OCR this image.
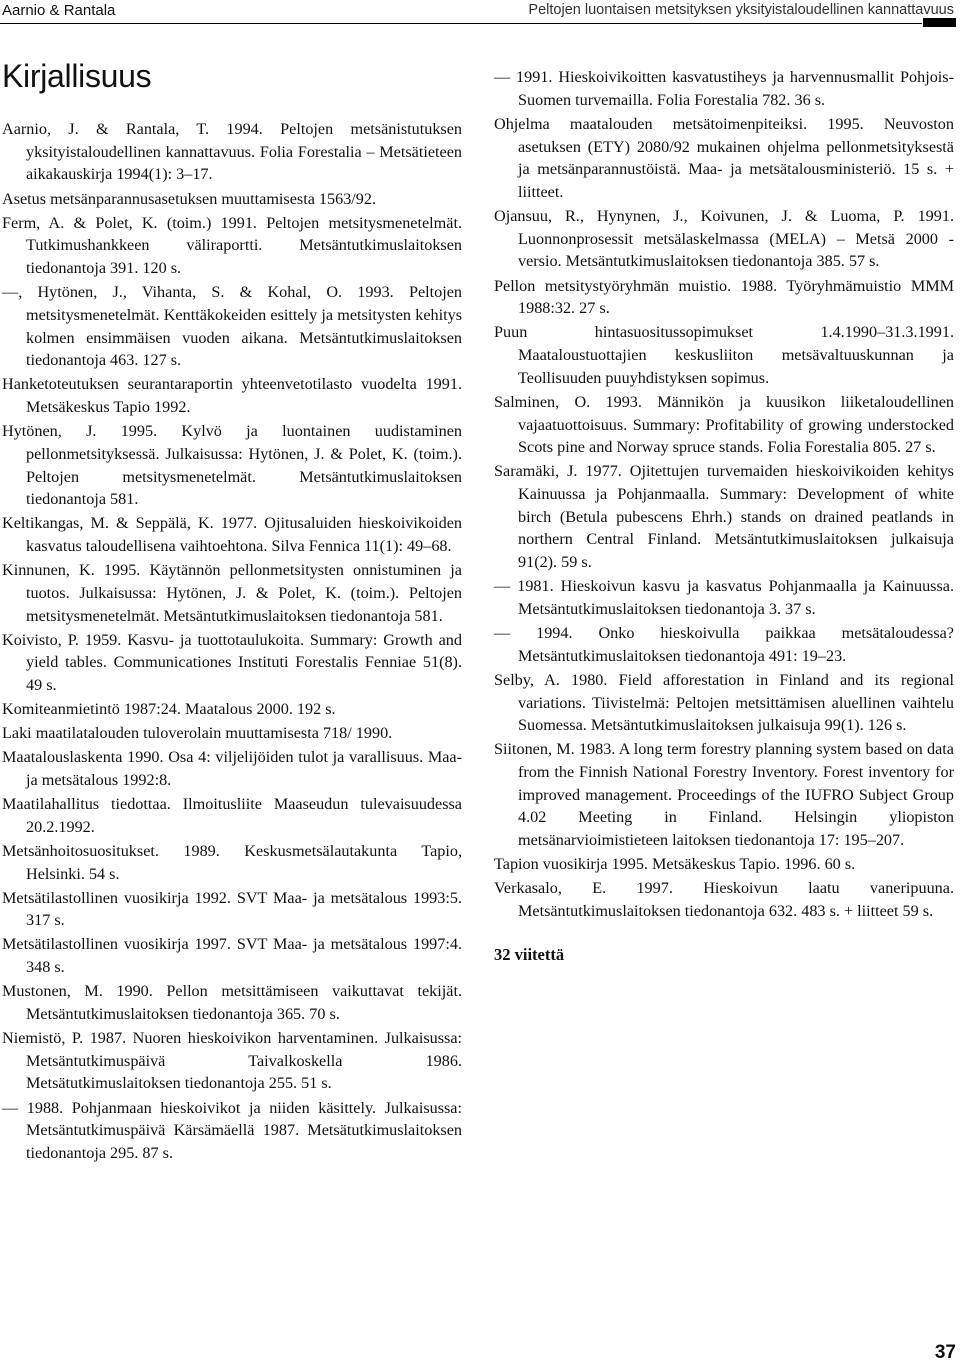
Aarnio & Rantala	Peltojen luontaisen metsityksen yksityistaloudellinen kannattavuus
Kirjallisuus

Aarnio, J. & Rantala, T. 1994. Peltojen metsänistutuksen yksityistaloudellinen kannattavuus. Folia Forestalia – Metsätieteen aikakauskirja 1994(1): 3–17.

Asetus metsänparannusasetuksen muuttamisesta 1563/92.

Ferm, A. & Polet, K. (toim.) 1991. Peltojen metsitysmenetelmät. Tutkimushankkeen väliraportti. Metsäntutkimuslaitoksen tiedonantoja 391. 120 s.

—, Hytönen, J., Vihanta, S. & Kohal, O. 1993. Peltojen metsitysmenetelmät. Kenttäkokeiden esittely ja metsitysten kehitys kolmen ensimmäisen vuoden aikana. Metsäntutkimuslaitoksen tiedonantoja 463. 127 s.

Hanketoteutuksen seurantaraportin yhteenvetotilasto vuodelta 1991. Metsäkeskus Tapio 1992.

Hytönen, J. 1995. Kylvö ja luontainen uudistaminen pellonmetsityksessä. Julkaisussa: Hytönen, J. & Polet, K. (toim.). Peltojen metsitysmenetelmät. Metsäntutkimuslaitoksen tiedonantoja 581.

Keltikangas, M. & Seppälä, K. 1977. Ojitusaluiden hieskoivikoiden kasvatus taloudellisena vaihtoehtona. Silva Fennica 11(1): 49–68.

Kinnunen, K. 1995. Käytännön pellonmetsitysten onnistuminen ja tuotos. Julkaisussa: Hytönen, J. & Polet, K. (toim.). Peltojen metsitysmenetelmät. Metsäntutkimuslaitoksen tiedonantoja 581.

Koivisto, P. 1959. Kasvu- ja tuottotaulukoita. Summary: Growth and yield tables. Communicationes Instituti Forestalis Fenniae 51(8). 49 s.

Komiteanmietintö 1987:24. Maatalous 2000. 192 s.

Laki maatilatalouden tuloverolain muuttamisesta 718/ 1990.

Maatalouslaskenta 1990. Osa 4: viljelijöiden tulot ja varallisuus. Maa- ja metsätalous 1992:8.

Maatilahallitus tiedottaa. Ilmoitusliite Maaseudun tulevaisuudessa 20.2.1992.

Metsänhoitosuositukset. 1989. Keskusmetsälautakunta Tapio, Helsinki. 54 s.

Metsätilastollinen vuosikirja 1992. SVT Maa- ja metsätalous 1993:5. 317 s.

Metsätilastollinen vuosikirja 1997. SVT Maa- ja metsätalous 1997:4. 348 s.

Mustonen, M. 1990. Pellon metsittämiseen vaikuttavat tekijät. Metsäntutkimuslaitoksen tiedonantoja 365. 70 s.

Niemistö, P. 1987. Nuoren hieskoivikon harventaminen. Julkaisussa: Metsäntutkimuspäivä Taivalkoskella 1986. Metsätutkimuslaitoksen tiedonantoja 255. 51 s.

— 1988. Pohjanmaan hieskoivikot ja niiden käsittely. Julkaisussa: Metsäntutkimuspäivä Kärsämäellä 1987. Metsätutkimuslaitoksen tiedonantoja 295. 87 s.

— 1991. Hieskoivikoitten kasvatustiheys ja harvennusmallit Pohjois-Suomen turvemailla. Folia Forestalia 782. 36 s.

Ohjelma maatalouden metsätoimenpiteiksi. 1995. Neuvoston asetuksen (ETY) 2080/92 mukainen ohjelma pellonmetsityksestä ja metsänparannustöistä. Maa- ja metsätalousministeriö. 15 s. + liitteet.

Ojansuu, R., Hynynen, J., Koivunen, J. & Luoma, P. 1991. Luonnonprosessit metsälaskelmassa (MELA) – Metsä 2000 -versio. Metsäntutkimuslaitoksen tiedonantoja 385. 57 s.

Pellon metsitystyöryhmän muistio. 1988. Työryhmämuistio MMM 1988:32. 27 s.

Puun hintasuositussopimukset 1.4.1990–31.3.1991. Maataloustuottajien keskusliiton metsävaltuuskunnan ja Teollisuuden puuyhdistyksen sopimus.

Salminen, O. 1993. Männikön ja kuusikon liiketaloudellinen vajaatuottoisuus. Summary: Profitability of growing understocked Scots pine and Norway spruce stands. Folia Forestalia 805. 27 s.

Saramäki, J. 1977. Ojitettujen turvemaiden hieskoivikoiden kehitys Kainuussa ja Pohjanmaalla. Summary: Development of white birch (Betula pubescens Ehrh.) stands on drained peatlands in northern Central Finland. Metsäntutkimuslaitoksen julkaisuja 91(2). 59 s.

— 1981. Hieskoivun kasvu ja kasvatus Pohjanmaalla ja Kainuussa. Metsäntutkimuslaitoksen tiedonantoja 3. 37 s.

— 1994. Onko hieskoivulla paikkaa metsätaloudessa? Metsäntutkimuslaitoksen tiedonantoja 491: 19–23.

Selby, A. 1980. Field afforestation in Finland and its regional variations. Tiivistelmä: Peltojen metsittämisen aluellinen vaihtelu Suomessa. Metsäntutkimuslaitoksen julkaisuja 99(1). 126 s.

Siitonen, M. 1983. A long term forestry planning system based on data from the Finnish National Forestry Inventory. Forest inventory for improved management. Proceedings of the IUFRO Subject Group 4.02 Meeting in Finland. Helsingin yliopiston metsänarvioimistieteen laitoksen tiedonantoja 17: 195–207.

Tapion vuosikirja 1995. Metsäkeskus Tapio. 1996. 60 s.

Verkasalo, E. 1997. Hieskoivun laatu vaneripuuna. Metsäntutkimuslaitoksen tiedonantoja 632. 483 s. + liitteet 59 s.

32 viitettä
37
